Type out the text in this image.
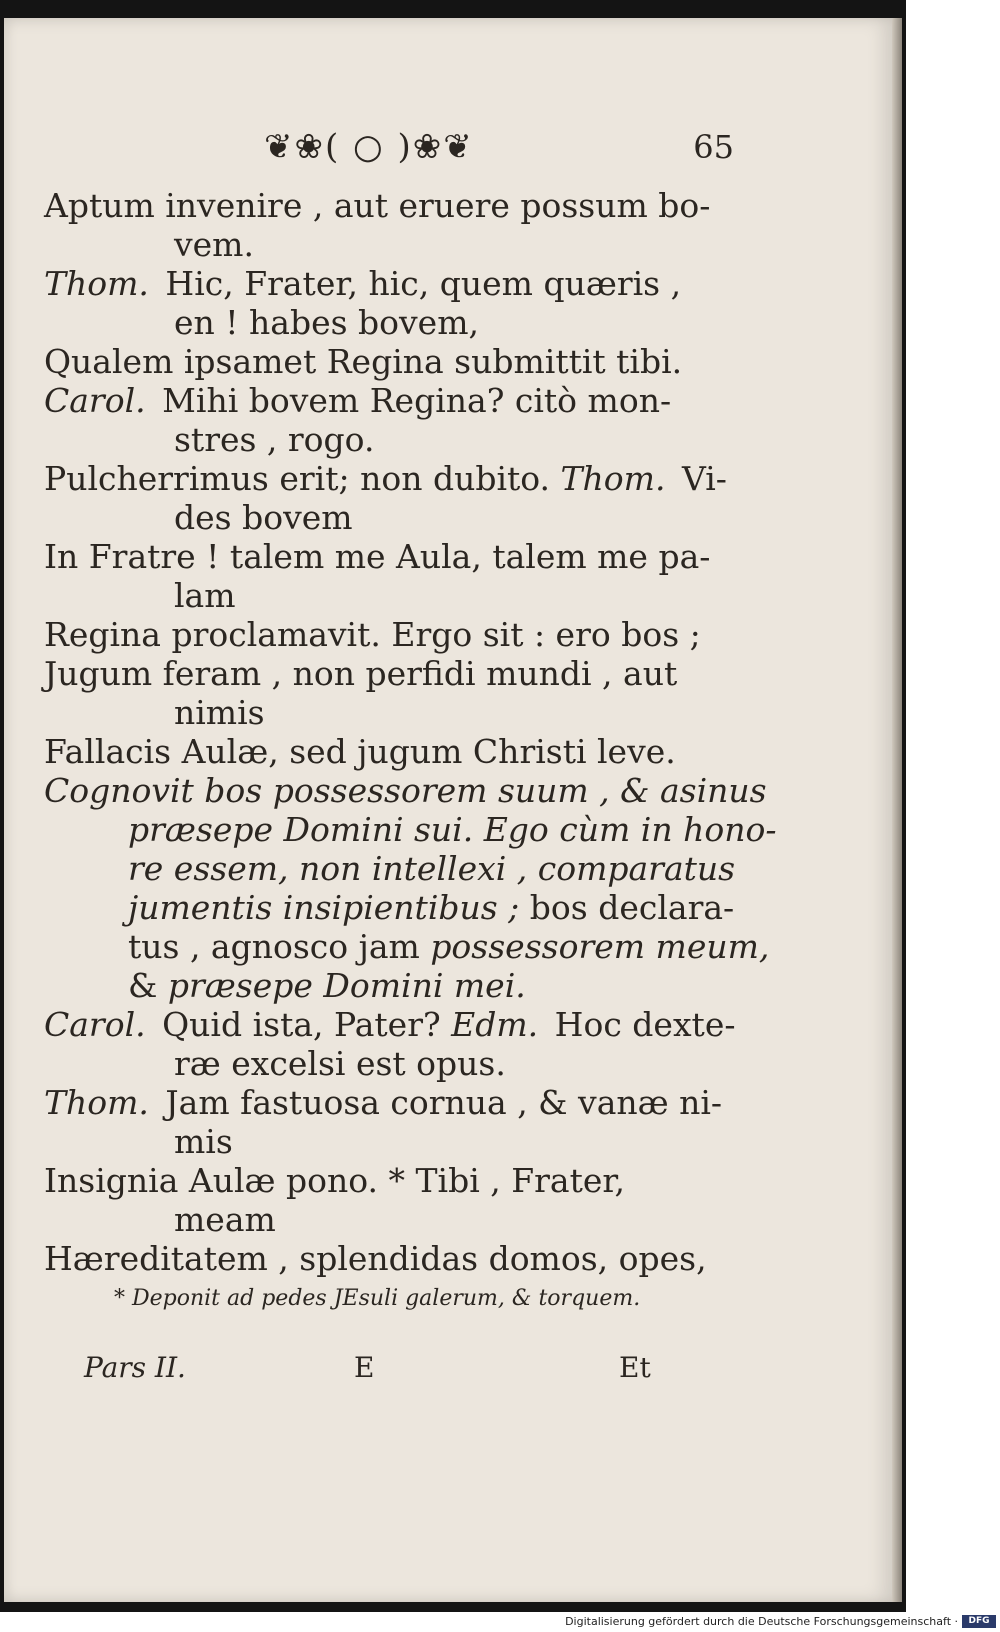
❦❀( ○ )❀❦	65
Aptum invenire , aut eruere possum bo-
vem.
Thom. Hic, Frater, hic, quem quæris ,
en ! habes bovem,
Qualem ipsamet Regina submittit tibi.
Carol. Mihi bovem Regina? citò mon-
stres , rogo.
Pulcherrimus erit; non dubito. Thom. Vi-
des bovem
In Fratre ! talem me Aula, talem me pa-
lam
Regina proclamavit. Ergo sit : ero bos ;
Jugum feram , non perfidi mundi , aut
nimis
Fallacis Aulæ, sed jugum Christi leve.
Cognovit bos possessorem suum , & asinus
præsepe Domini sui. Ego cùm in hono-
re essem, non intellexi , comparatus
jumentis insipientibus ; bos declara-
tus , agnosco jam possessorem meum,
& præsepe Domini mei.
Carol. Quid ista, Pater? Edm. Hoc dexte-
ræ excelsi est opus.
Thom. Jam fastuosa cornua , & vanæ ni-
mis
Insignia Aulæ pono. * Tibi , Frater,
meam
Hæreditatem , splendidas domos, opes,
* Deponit ad pedes JEsuli galerum, & torquem.
Pars II.	E	Et
Digitalisierung gefördert durch die Deutsche Forschungsgemeinschaft ·	DFG
